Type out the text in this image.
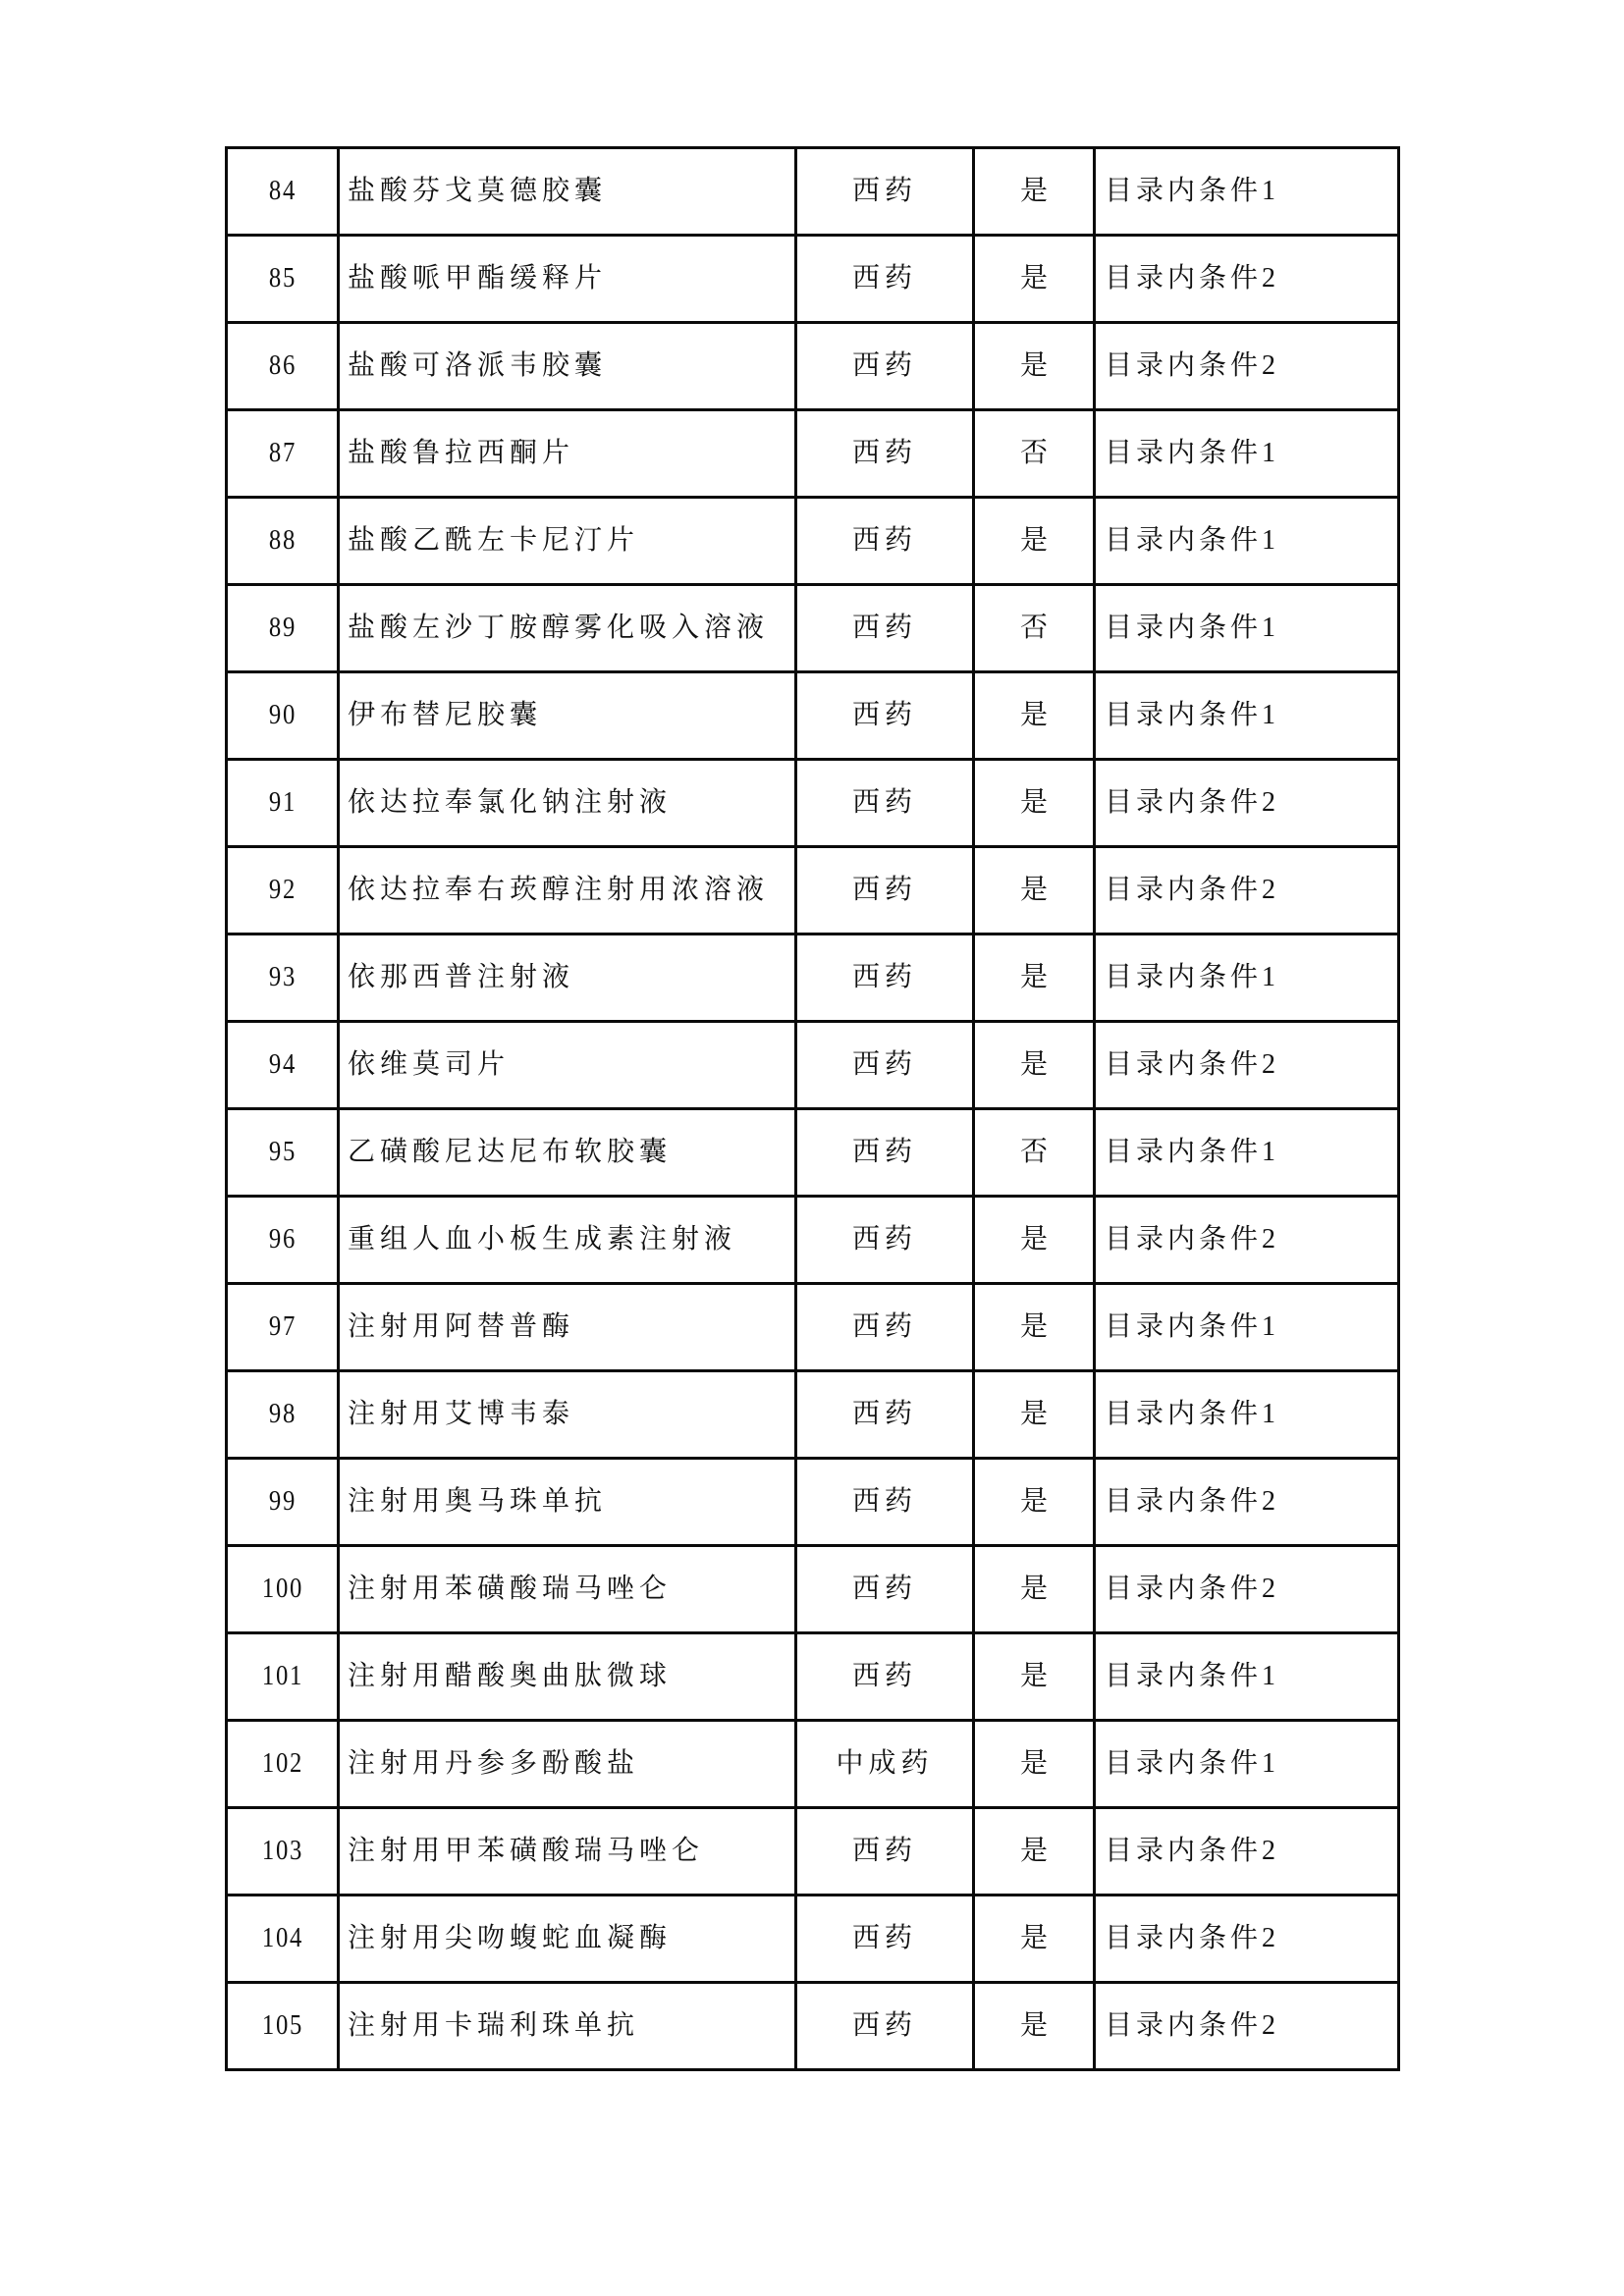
84	盐酸芬戈莫德胶囊	西药	是	目录内条件1
85	盐酸哌甲酯缓释片	西药	是	目录内条件2
86	盐酸可洛派韦胶囊	西药	是	目录内条件2
87	盐酸鲁拉西酮片	西药	否	目录内条件1
88	盐酸乙酰左卡尼汀片	西药	是	目录内条件1
89	盐酸左沙丁胺醇雾化吸入溶液	西药	否	目录内条件1
90	伊布替尼胶囊	西药	是	目录内条件1
91	依达拉奉氯化钠注射液	西药	是	目录内条件2
92	依达拉奉右莰醇注射用浓溶液	西药	是	目录内条件2
93	依那西普注射液	西药	是	目录内条件1
94	依维莫司片	西药	是	目录内条件2
95	乙磺酸尼达尼布软胶囊	西药	否	目录内条件1
96	重组人血小板生成素注射液	西药	是	目录内条件2
97	注射用阿替普酶	西药	是	目录内条件1
98	注射用艾博韦泰	西药	是	目录内条件1
99	注射用奥马珠单抗	西药	是	目录内条件2
100	注射用苯磺酸瑞马唑仑	西药	是	目录内条件2
101	注射用醋酸奥曲肽微球	西药	是	目录内条件1
102	注射用丹参多酚酸盐	中成药	是	目录内条件1
103	注射用甲苯磺酸瑞马唑仑	西药	是	目录内条件2
104	注射用尖吻蝮蛇血凝酶	西药	是	目录内条件2
105	注射用卡瑞利珠单抗	西药	是	目录内条件2
